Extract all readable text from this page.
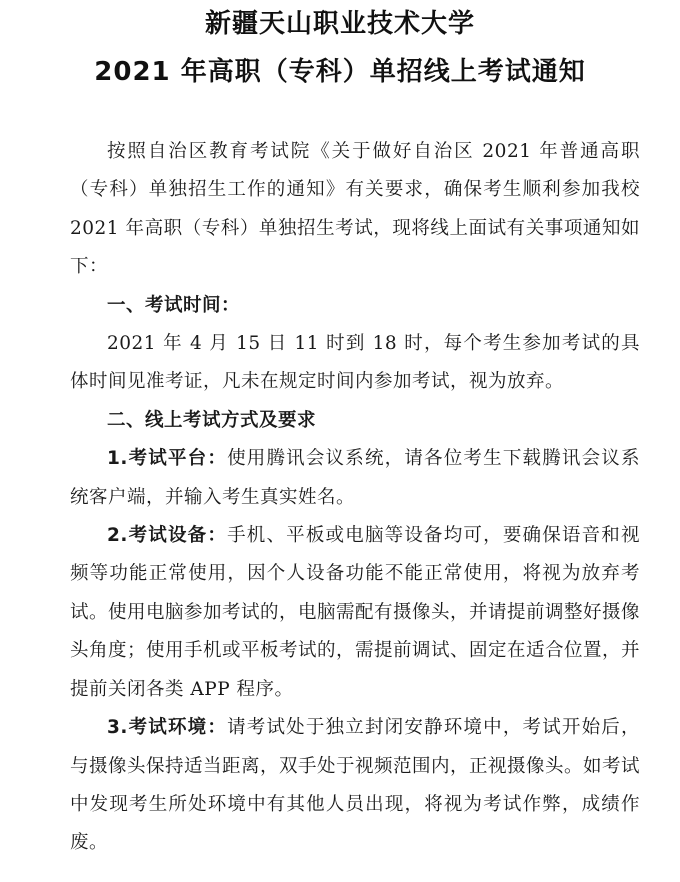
新疆天山职业技术大学
2021 年高职（专科）单招线上考试通知

按照自治区教育考试院《关于做好自治区 2021 年普通高职（专科）单独招生工作的通知》有关要求，确保考生顺利参加我校 2021 年高职（专科）单独招生考试，现将线上面试有关事项通知如下：

一、考试时间：

2021 年 4 月 15 日 11 时到 18 时，每个考生参加考试的具体时间见准考证，凡未在规定时间内参加考试，视为放弃。

二、线上考试方式及要求

1.考试平台：使用腾讯会议系统，请各位考生下载腾讯会议系统客户端，并输入考生真实姓名。

2.考试设备：手机、平板或电脑等设备均可，要确保语音和视频等功能正常使用，因个人设备功能不能正常使用，将视为放弃考试。使用电脑参加考试的，电脑需配有摄像头，并请提前调整好摄像头角度；使用手机或平板考试的，需提前调试、固定在适合位置，并提前关闭各类 APP 程序。

3.考试环境：请考试处于独立封闭安静环境中，考试开始后，与摄像头保持适当距离，双手处于视频范围内，正视摄像头。如考试中发现考生所处环境中有其他人员出现，将视为考试作弊，成绩作废。
